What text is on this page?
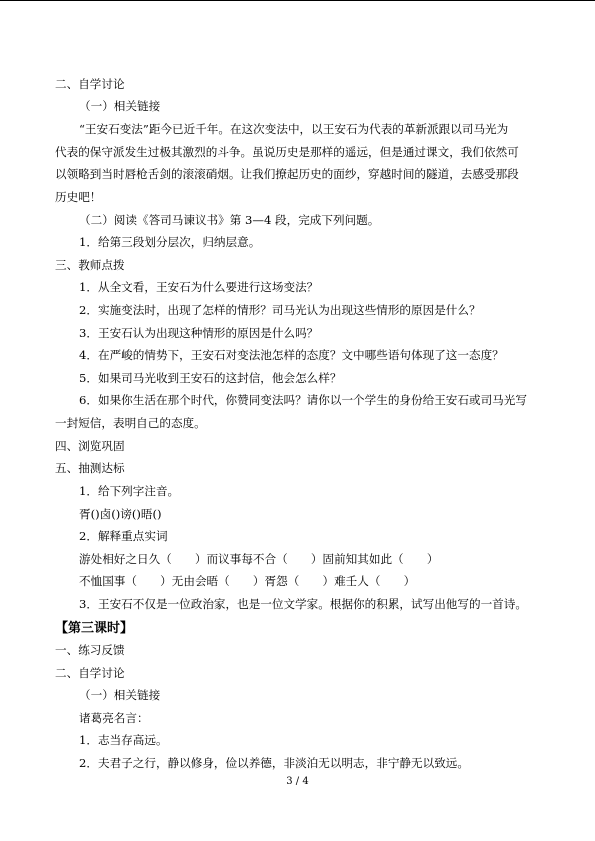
二、自学讨论
（一）相关链接
“王安石变法”距今已近千年。在这次变法中，以王安石为代表的革新派跟以司马光为
代表的保守派发生过极其激烈的斗争。虽说历史是那样的遥远，但是通过课文，我们依然可
以领略到当时唇枪舌剑的滚滚硝烟。让我们撩起历史的面纱，穿越时间的隧道，去感受那段
历史吧！
（二）阅读《答司马谏议书》第 3—4 段，完成下列问题。
1．给第三段划分层次，归纳层意。
三、教师点拨
1．从全文看，王安石为什么要进行这场变法？
2．实施变法时，出现了怎样的情形？司马光认为出现这些情形的原因是什么？
3．王安石认为出现这种情形的原因是什么吗？
4．在严峻的情势下，王安石对变法池怎样的态度？文中哪些语句体现了这一态度？
5．如果司马光收到王安石的这封信，他会怎么样？
6．如果你生活在那个时代，你赞同变法吗？请你以一个学生的身份给王安石或司马光写
一封短信，表明自己的态度。
四、浏览巩固
五、抽测达标
1．给下列字注音。
胥()卤()谤()晤()
2．解释重点实词
游处相好之日久（　　）而议事每不合（　　）固前知其如此（　　）
不恤国事（　　）无由会晤（　　）胥怨（　　）难壬人（　　）
3．王安石不仅是一位政治家，也是一位文学家。根据你的积累，试写出他写的一首诗。
【第三课时】
一、练习反馈
二、自学讨论
（一）相关链接
诸葛亮名言：
1．志当存高远。
2．夫君子之行，静以修身，俭以养德，非淡泊无以明志，非宁静无以致远。
3 / 4
